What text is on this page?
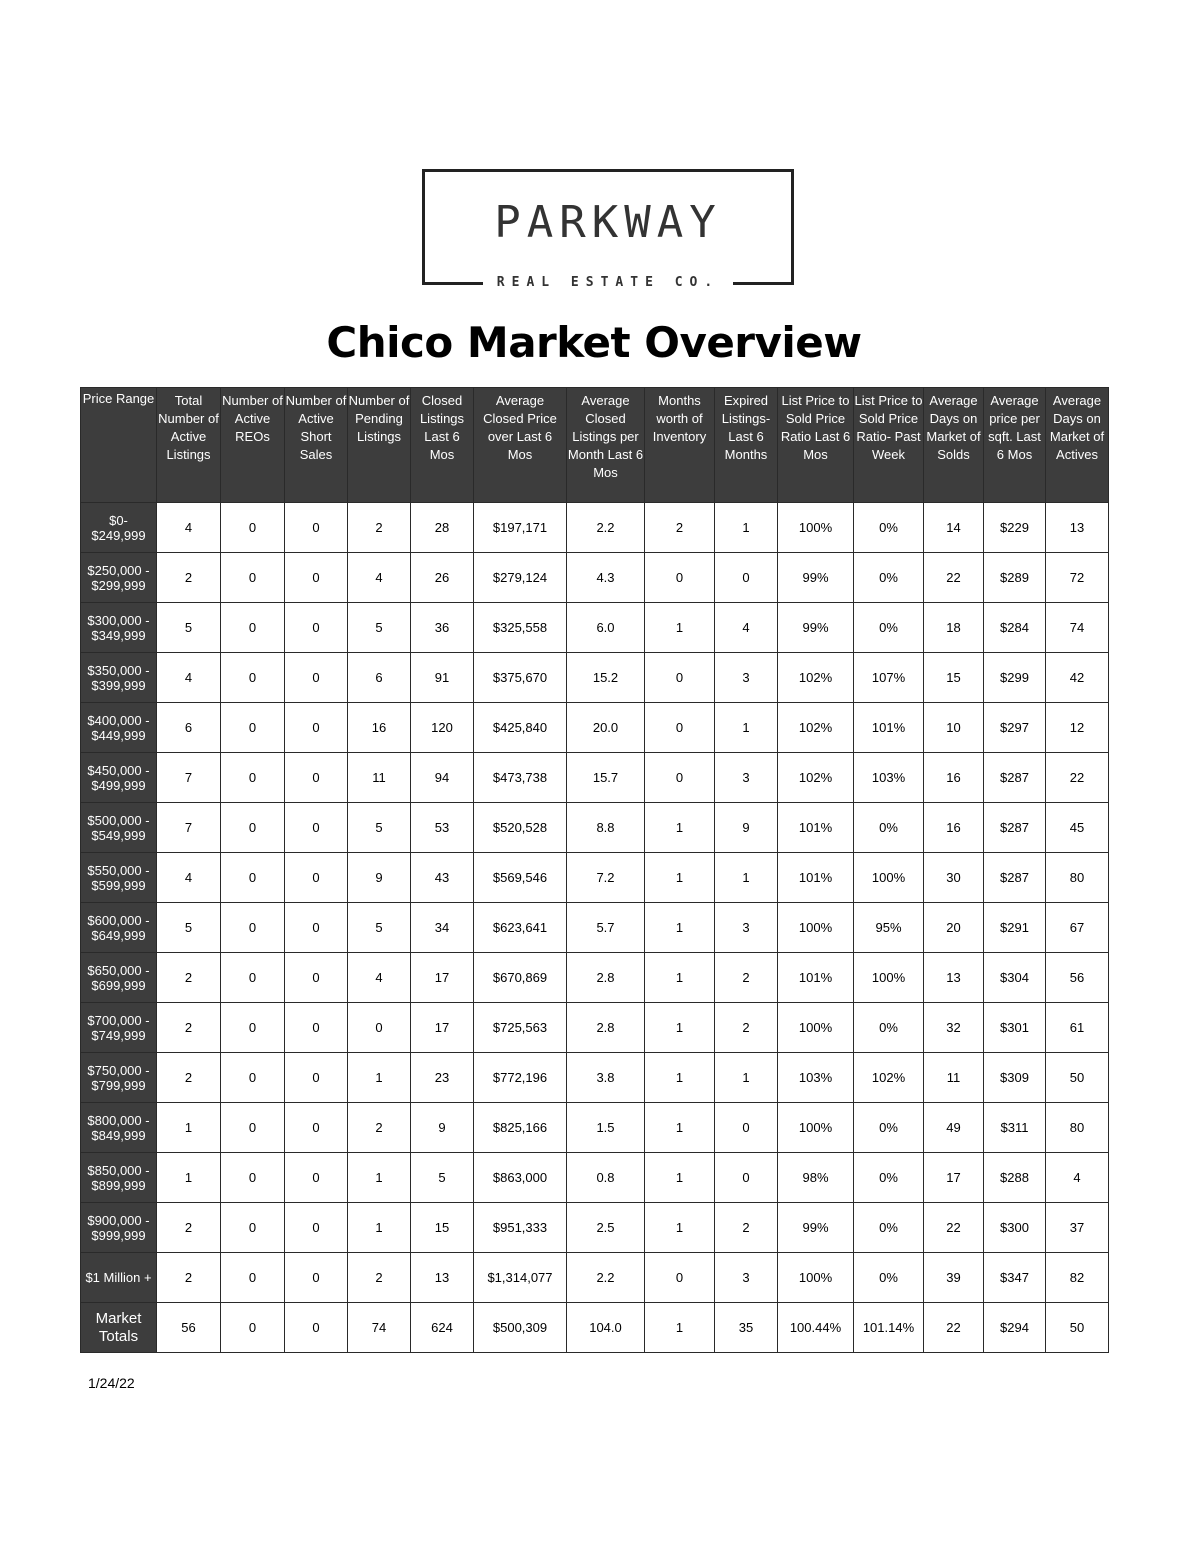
PARKWAY
REAL ESTATE CO.
Chico Market Overview
Price Range	Total Number of Active Listings	Number of Active REOs	Number of Active Short Sales	Number of Pending Listings	Closed Listings Last 6 Mos	Average Closed Price over Last 6 Mos	Average Closed Listings per Month Last 6 Mos	Months worth of Inventory	Expired Listings- Last 6 Months	List Price to Sold Price Ratio Last 6 Mos	List Price to Sold Price Ratio- Past Week	Average Days on Market of Solds	Average price per sqft. Last 6 Mos	Average Days on Market of Actives
$0- $249,999	4	0	0	2	28	$197,171	2.2	2	1	100%	0%	14	$229	13
$250,000 - $299,999	2	0	0	4	26	$279,124	4.3	0	0	99%	0%	22	$289	72
$300,000 - $349,999	5	0	0	5	36	$325,558	6.0	1	4	99%	0%	18	$284	74
$350,000 - $399,999	4	0	0	6	91	$375,670	15.2	0	3	102%	107%	15	$299	42
$400,000 - $449,999	6	0	0	16	120	$425,840	20.0	0	1	102%	101%	10	$297	12
$450,000 - $499,999	7	0	0	11	94	$473,738	15.7	0	3	102%	103%	16	$287	22
$500,000 - $549,999	7	0	0	5	53	$520,528	8.8	1	9	101%	0%	16	$287	45
$550,000 - $599,999	4	0	0	9	43	$569,546	7.2	1	1	101%	100%	30	$287	80
$600,000 - $649,999	5	0	0	5	34	$623,641	5.7	1	3	100%	95%	20	$291	67
$650,000 - $699,999	2	0	0	4	17	$670,869	2.8	1	2	101%	100%	13	$304	56
$700,000 - $749,999	2	0	0	0	17	$725,563	2.8	1	2	100%	0%	32	$301	61
$750,000 - $799,999	2	0	0	1	23	$772,196	3.8	1	1	103%	102%	11	$309	50
$800,000 - $849,999	1	0	0	2	9	$825,166	1.5	1	0	100%	0%	49	$311	80
$850,000 - $899,999	1	0	0	1	5	$863,000	0.8	1	0	98%	0%	17	$288	4
$900,000 - $999,999	2	0	0	1	15	$951,333	2.5	1	2	99%	0%	22	$300	37
$1 Million +	2	0	0	2	13	$1,314,077	2.2	0	3	100%	0%	39	$347	82
Market Totals	56	0	0	74	624	$500,309	104.0	1	35	100.44%	101.14%	22	$294	50
1/24/22
